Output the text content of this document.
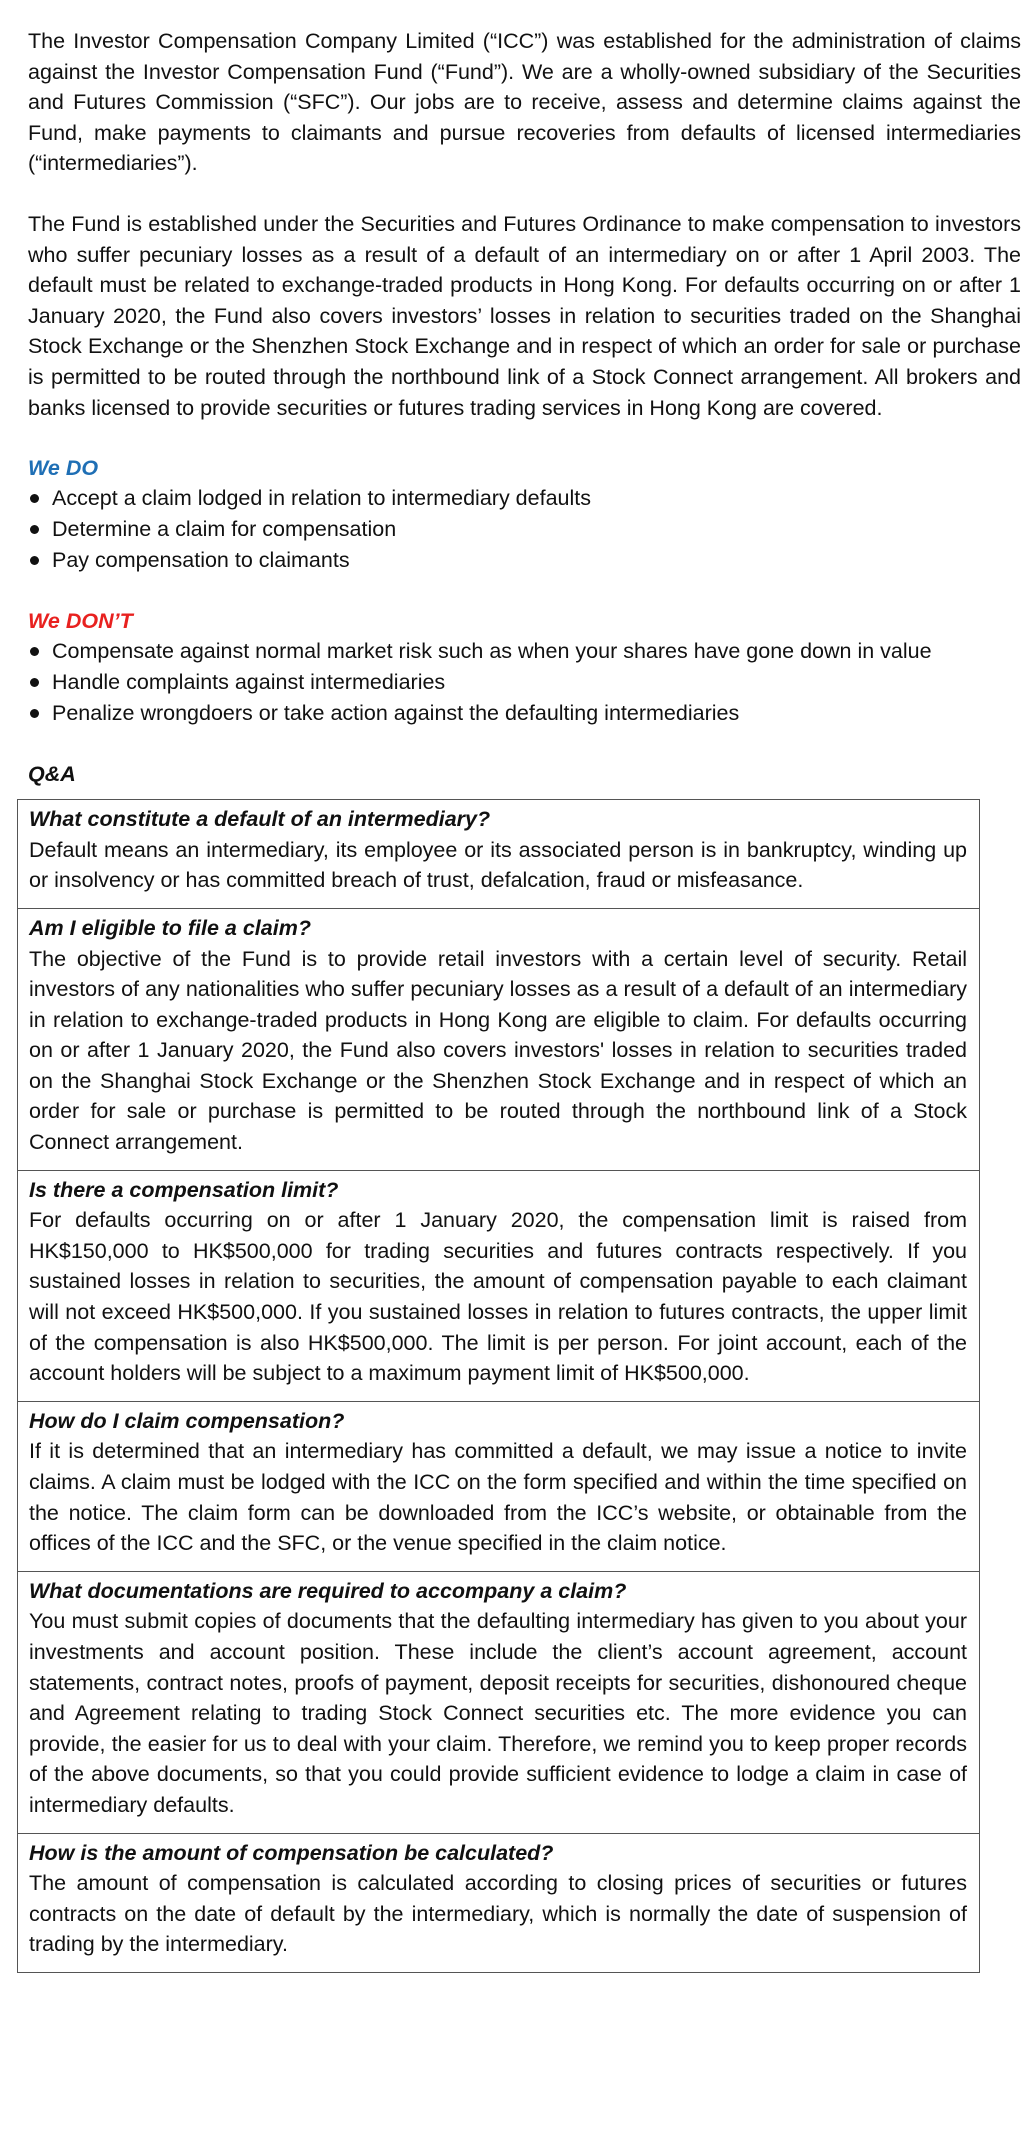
The Investor Compensation Company Limited (“ICC”) was established for the administration of claims against the Investor Compensation Fund (“Fund”). We are a wholly-owned subsidiary of the Securities and Futures Commission (“SFC”). Our jobs are to receive, assess and determine claims against the Fund, make payments to claimants and pursue recoveries from defaults of licensed intermediaries (“intermediaries”).

The Fund is established under the Securities and Futures Ordinance to make compensation to investors who suffer pecuniary losses as a result of a default of an intermediary on or after 1 April 2003. The default must be related to exchange-traded products in Hong Kong. For defaults occurring on or after 1 January 2020, the Fund also covers investors’ losses in relation to securities traded on the Shanghai Stock Exchange or the Shenzhen Stock Exchange and in respect of which an order for sale or purchase is permitted to be routed through the northbound link of a Stock Connect arrangement. All brokers and banks licensed to provide securities or futures trading services in Hong Kong are covered.

We DO

Accept a claim lodged in relation to intermediary defaults
Determine a claim for compensation
Pay compensation to claimants

We DON’T

Compensate against normal market risk such as when your shares have gone down in value
Handle complaints against intermediaries
Penalize wrongdoers or take action against the defaulting intermediaries

Q&A

What constitute a default of an intermediary?

Default means an intermediary, its employee or its associated person is in bankruptcy, winding up or insolvency or has committed breach of trust, defalcation, fraud or misfeasance.

Am I eligible to file a claim?

The objective of the Fund is to provide retail investors with a certain level of security. Retail investors of any nationalities who suffer pecuniary losses as a result of a default of an intermediary in relation to exchange-traded products in Hong Kong are eligible to claim. For defaults occurring on or after 1 January 2020, the Fund also covers investors' losses in relation to securities traded on the Shanghai Stock Exchange or the Shenzhen Stock Exchange and in respect of which an order for sale or purchase is permitted to be routed through the northbound link of a Stock Connect arrangement.

Is there a compensation limit?

For defaults occurring on or after 1 January 2020, the compensation limit is raised from HK$150,000 to HK$500,000 for trading securities and futures contracts respectively. If you sustained losses in relation to securities, the amount of compensation payable to each claimant will not exceed HK$500,000. If you sustained losses in relation to futures contracts, the upper limit of the compensation is also HK$500,000. The limit is per person. For joint account, each of the account holders will be subject to a maximum payment limit of HK$500,000.

How do I claim compensation?

If it is determined that an intermediary has committed a default, we may issue a notice to invite claims. A claim must be lodged with the ICC on the form specified and within the time specified on the notice. The claim form can be downloaded from the ICC’s website, or obtainable from the offices of the ICC and the SFC, or the venue specified in the claim notice.

What documentations are required to accompany a claim?

You must submit copies of documents that the defaulting intermediary has given to you about your investments and account position. These include the client’s account agreement, account statements, contract notes, proofs of payment, deposit receipts for securities, dishonoured cheque and Agreement relating to trading Stock Connect securities etc. The more evidence you can provide, the easier for us to deal with your claim. Therefore, we remind you to keep proper records of the above documents, so that you could provide sufficient evidence to lodge a claim in case of intermediary defaults.

How is the amount of compensation be calculated?

The amount of compensation is calculated according to closing prices of securities or futures contracts on the date of default by the intermediary, which is normally the date of suspension of trading by the intermediary.
